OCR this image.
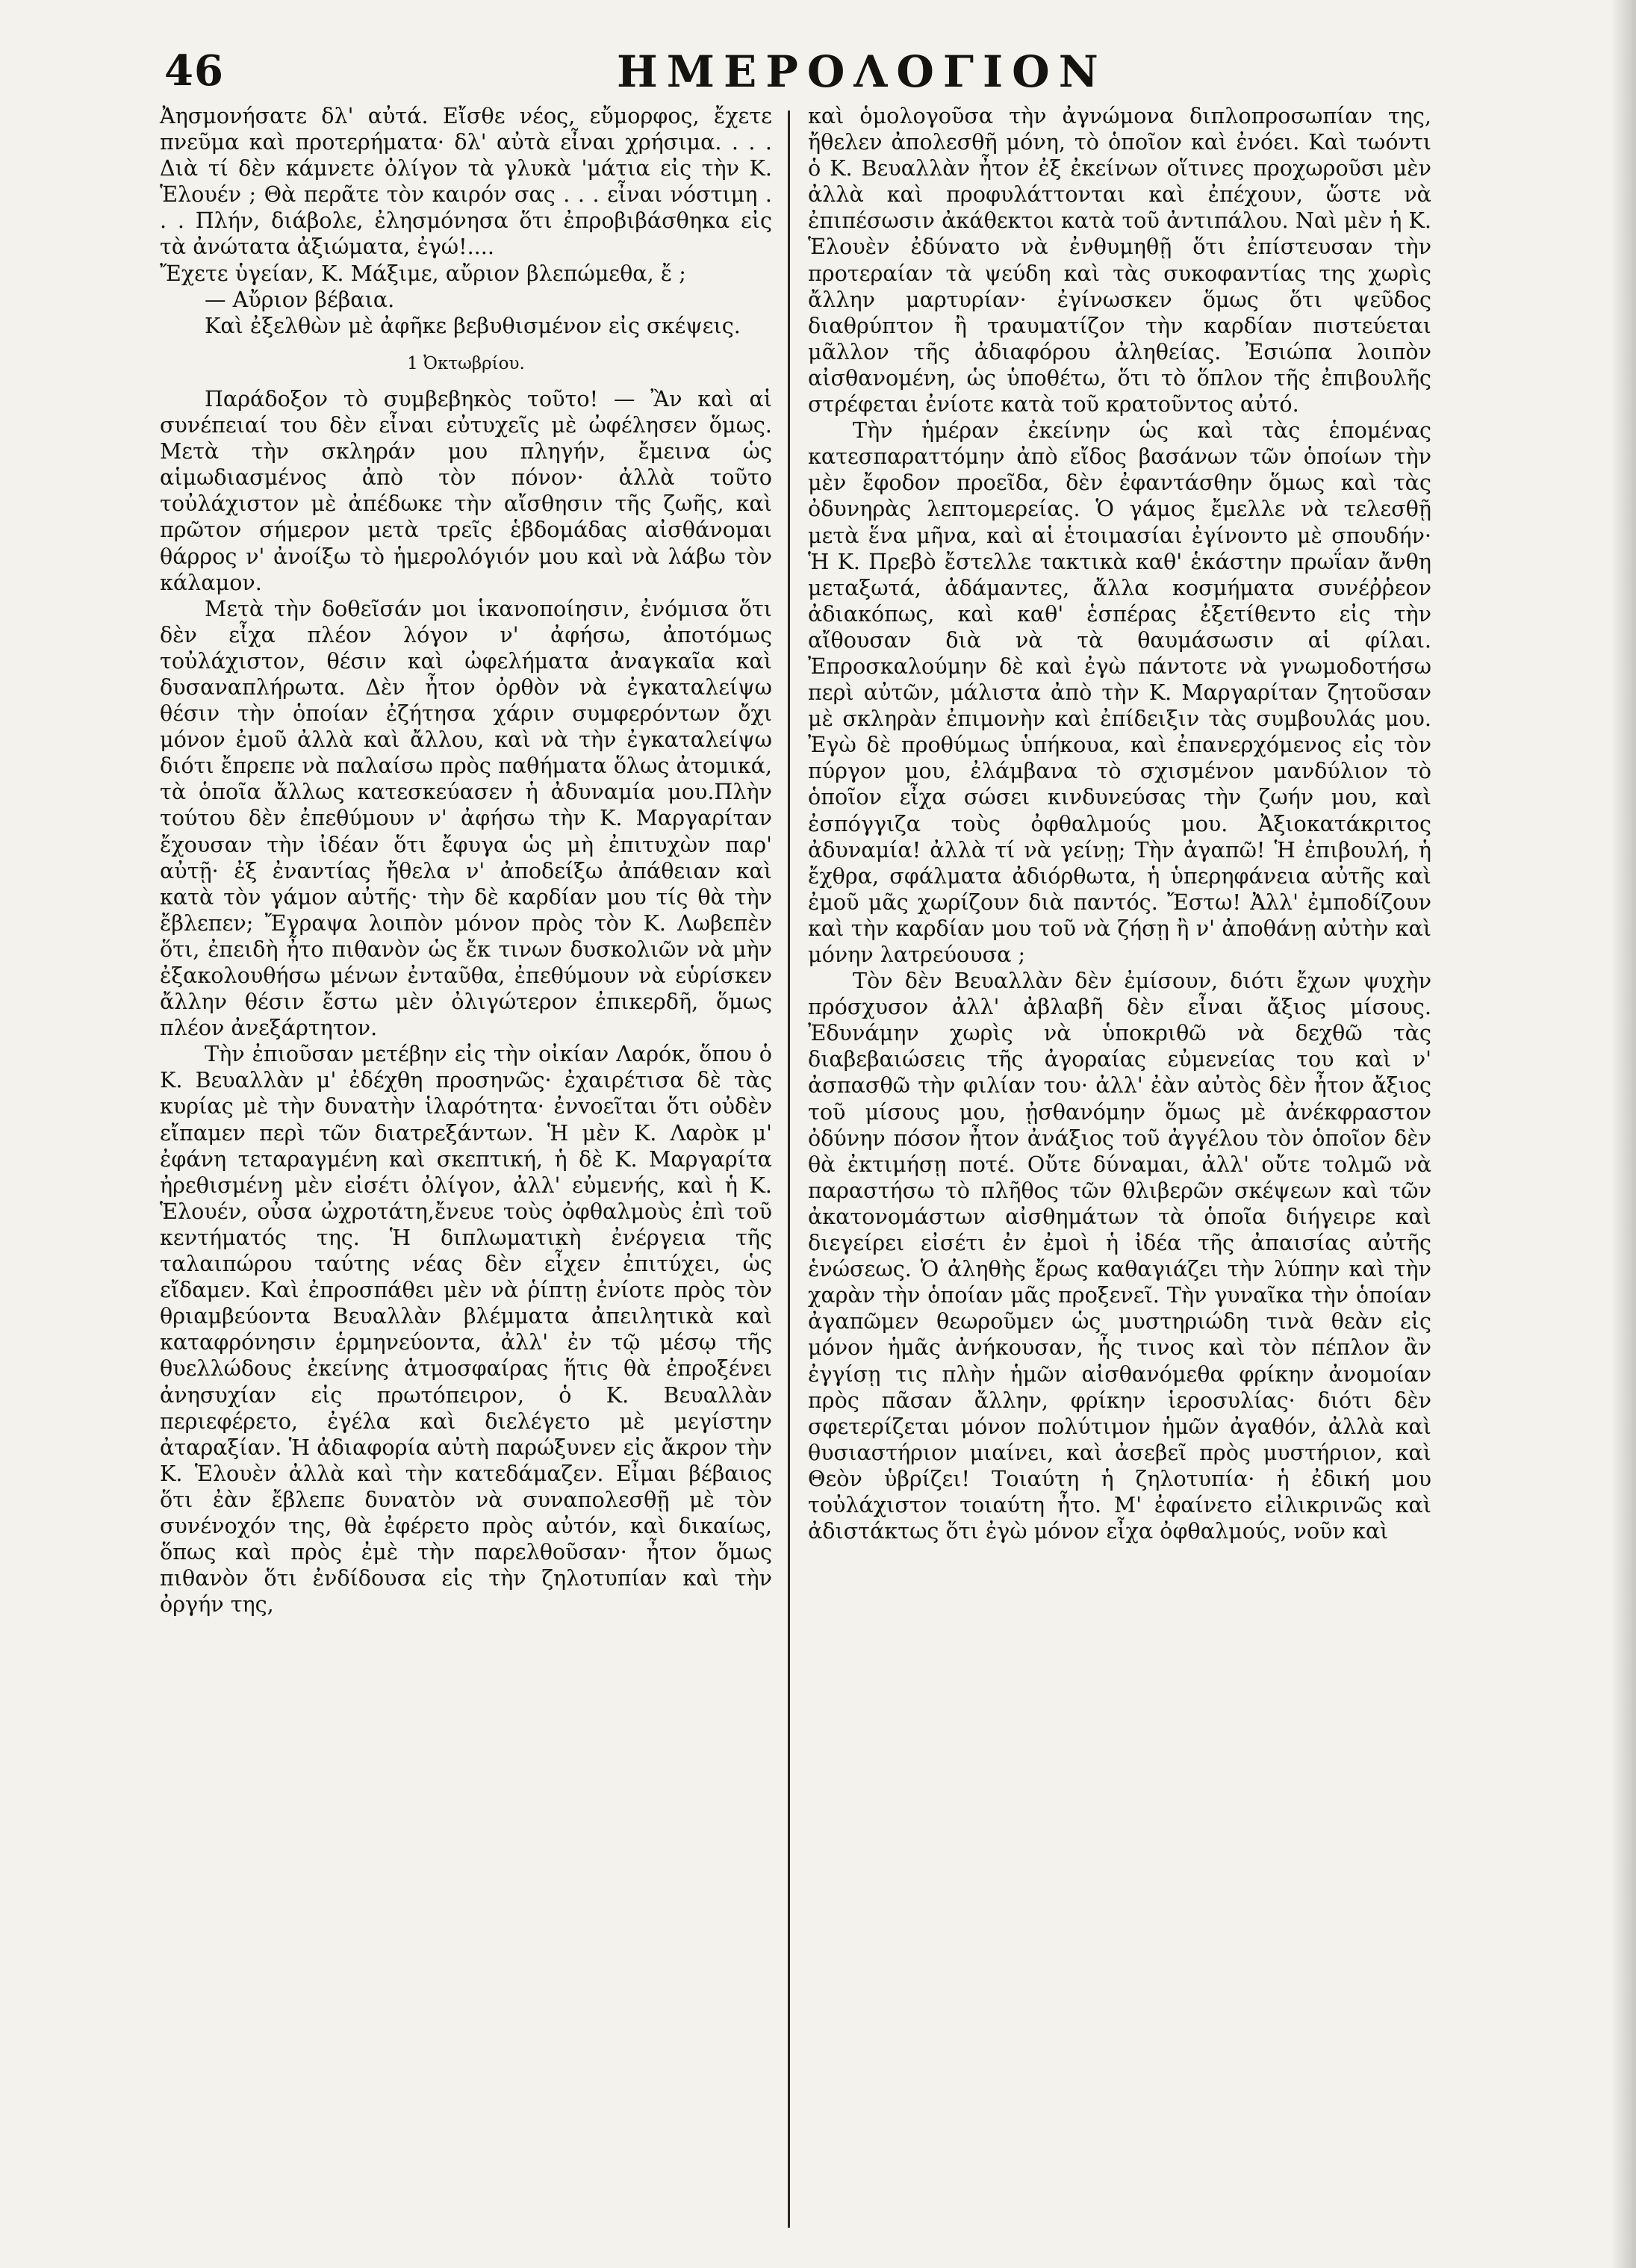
46	ΗΜΕΡΟΛΟΓΙΟΝ

Ἀησμονήσατε δλ' αὐτά. Εἴσθε νέος, εὔμορφος, ἔχετε πνεῦμα καὶ προτερήματα· δλ' αὐτὰ εἶναι χρήσιμα. . . . Διὰ τί δὲν κάμνετε ὀλίγον τὰ γλυκὰ 'μάτια εἰς τὴν Κ. Ἑλουέν ; Θὰ περᾶτε τὸν καιρόν σας . . . εἶναι νόστιμη . . . Πλήν, διάβολε, ἐλησμόνησα ὅτι ἐπροβιβάσθηκα εἰς τὰ ἀνώτατα ἀξιώματα, ἐγώ!....

Ἔχετε ὑγείαν, Κ. Μάξιμε, αὔριον βλεπώμεθα, ἔ ;

— Αὔριον βέβαια.

Καὶ ἐξελθὼν μὲ ἀφῆκε βεβυθισμένον εἰς σκέψεις.

1 Ὀκτωβρίου.

Παράδοξον τὸ συμβεβηκὸς τοῦτο! — Ἂν καὶ αἱ συνέπειαί του δὲν εἶναι εὐτυχεῖς μὲ ὠφέλησεν ὅμως. Μετὰ τὴν σκληράν μου πληγήν, ἔμεινα ὡς αἱμωδιασμένος ἀπὸ τὸν πόνον· ἀλλὰ τοῦτο τοὐλάχιστον μὲ ἀπέδωκε τὴν αἴσθησιν τῆς ζωῆς, καὶ πρῶτον σήμερον μετὰ τρεῖς ἑβδομάδας αἰσθάνομαι θάρρος ν' ἀνοίξω τὸ ἡμερολόγιόν μου καὶ νὰ λάβω τὸν κάλαμον.

Μετὰ τὴν δοθεῖσάν μοι ἱκανοποίησιν, ἐνόμισα ὅτι δὲν εἶχα πλέον λόγον ν' ἀφήσω, ἀποτόμως τοὐλάχιστον, θέσιν καὶ ὠφελήματα ἀναγκαῖα καὶ δυσαναπλήρωτα. Δὲν ἦτον ὀρθὸν νὰ ἐγκαταλείψω θέσιν τὴν ὁποίαν ἐζήτησα χάριν συμφερόντων ὄχι μόνον ἐμοῦ ἀλλὰ καὶ ἄλλου, καὶ νὰ τὴν ἐγκαταλείψω διότι ἔπρεπε νὰ παλαίσω πρὸς παθήματα ὅλως ἀτομικά, τὰ ὁποῖα ἄλλως κατεσκεύασεν ἡ ἀδυναμία μου.Πλὴν τούτου δὲν ἐπεθύμουν ν' ἀφήσω τὴν Κ. Μαργαρίταν ἔχουσαν τὴν ἰδέαν ὅτι ἔφυγα ὡς μὴ ἐπιτυχὼν παρ' αὐτῇ· ἐξ ἐναντίας ἤθελα ν' ἀποδείξω ἀπάθειαν καὶ κατὰ τὸν γάμον αὐτῆς· τὴν δὲ καρδίαν μου τίς θὰ τὴν ἔβλεπεν; Ἔγραψα λοιπὸν μόνον πρὸς τὸν Κ. Λωβεπὲν ὅτι, ἐπειδὴ ἦτο πιθανὸν ὡς ἔκ τινων δυσκολιῶν νὰ μὴν ἐξακολουθήσω μένων ἐνταῦθα, ἐπεθύμουν νὰ εὑρίσκεν ἄλλην θέσιν ἔστω μὲν ὀλιγώτερον ἐπικερδῆ, ὅμως πλέον ἀνεξάρτητον.

Τὴν ἐπιοῦσαν μετέβην εἰς τὴν οἰκίαν Λαρόκ, ὅπου ὁ Κ. Βευαλλὰν μ' ἐδέχθη προσηνῶς· ἐχαιρέτισα δὲ τὰς κυρίας μὲ τὴν δυνατὴν ἱλαρότητα· ἐνvοεῖται ὅτι οὐδὲν εἴπαμεν περὶ τῶν διατρεξάντων. Ἡ μὲν Κ. Λαρὸκ μ' ἐφάνη τεταραγμένη καὶ σκεπτική, ἡ δὲ Κ. Μαργαρίτα ἠρεθισμένη μὲν εἰσέτι ὀλίγον, ἀλλ' εὐμενής, καὶ ἡ Κ. Ἑλουέν, οὖσα ὠχροτάτη,ἔνευε τοὺς ὀφθαλμοὺς ἐπὶ τοῦ κεντήματός της. Ἡ διπλωματικὴ ἐνέργεια τῆς ταλαιπώρου ταύτης νέας δὲν εἶχεν ἐπιτύχει, ὡς εἴδαμεν. Καὶ ἐπροσπάθει μὲν νὰ ῥίπτῃ ἐνίοτε πρὸς τὸν θριαμβεύοντα Βευαλλὰν βλέμματα ἀπειλητικὰ καὶ καταφρόνησιν ἑρμηνεύοντα, ἀλλ' ἐν τῷ μέσῳ τῆς θυελλώδους ἐκείνης ἀτμοσφαίρας ἥτις θὰ ἐπροξένει ἀνησυχίαν εἰς πρωτόπειρον, ὁ Κ. Βευαλλὰν περιεφέρετο, ἐγέλα καὶ διελέγετο μὲ μεγίστην ἀταραξίαν. Ἡ ἀδιαφορία αὐτὴ παρώξυνεν εἰς ἄκρον τὴν Κ. Ἑλουὲν ἀλλὰ καὶ τὴν κατεδάμαζεν. Εἶμαι βέβαιος ὅτι ἐὰν ἔβλεπε δυνατὸν νὰ συναπολεσθῇ μὲ τὸν συνένοχόν της, θὰ ἐφέρετο πρὸς αὐτόν, καὶ δικαίως, ὅπως καὶ πρὸς ἐμὲ τὴν παρελθοῦσαν· ἦτον ὅμως πιθανὸν ὅτι ἐνδίδουσα εἰς τὴν ζηλοτυπίαν καὶ τὴν ὀργήν της,

καὶ ὁμολογοῦσα τὴν ἀγνώμονα διπλοπροσωπίαν της, ἤθελεν ἀπολεσθῆ μόνη, τὸ ὁποῖον καὶ ἐνόει. Καὶ τωόντι ὁ Κ. Βευαλλὰν ἦτον ἐξ ἐκείνων οἵτινες προχωροῦσι μὲν ἀλλὰ καὶ προφυλάττονται καὶ ἐπέχουν, ὥστε νὰ ἐπιπέσωσιν ἀκάθεκτοι κατὰ τοῦ ἀντιπάλου. Ναὶ μὲν ἡ Κ. Ἑλουὲν ἐδύνατο νὰ ἐνθυμηθῇ ὅτι ἐπίστευσαν τὴν προτεραίαν τὰ ψεύδη καὶ τὰς συκοφαντίας της χωρὶς ἄλλην μαρτυρίαν· ἐγίνωσκεν ὅμως ὅτι ψεῦδος διαθρύπτον ἢ τραυματίζον τὴν καρδίαν πιστεύεται μᾶλλον τῆς ἀδιαφόρου ἀληθείας. Ἐσιώπα λοιπὸν αἰσθανομένη, ὡς ὑποθέτω, ὅτι τὸ ὅπλον τῆς ἐπιβουλῆς στρέφεται ἐνίοτε κατὰ τοῦ κρατοῦντος αὐτό.

Τὴν ἡμέραν ἐκείνην ὡς καὶ τὰς ἑπομένας κατεσπαραττόμην ἀπὸ εἴδος βασάνων τῶν ὁποίων τὴν μὲν ἔφοδον προεῖδα, δὲν ἐφαντάσθην ὅμως καὶ τὰς ὀδυνηρὰς λεπτομερείας. Ὁ γάμος ἔμελλε νὰ τελεσθῇ μετὰ ἕνα μῆνα, καὶ αἱ ἑτοιμασίαι ἐγίνοντο μὲ σπουδήν· Ἡ Κ. Πρεβὸ ἔστελλε τακτικὰ καθ' ἑκάστην πρωΐαν ἄνθη μεταξωτά, ἀδάμαντες, ἄλλα κοσμήματα συνέῤῥεον ἀδιακόπως, καὶ καθ' ἑσπέρας ἐξετίθεντο εἰς τὴν αἴθουσαν διὰ νὰ τὰ θαυμάσωσιν αἱ φίλαι. Ἐπροσκαλούμην δὲ καὶ ἐγὼ πάντοτε νὰ γνωμοδοτήσω περὶ αὐτῶν, μάλιστα ἀπὸ τὴν Κ. Μαργαρίταν ζητοῦσαν μὲ σκληρὰν ἐπιμονὴν καὶ ἐπίδειξιν τὰς συμβουλάς μου. Ἐγὼ δὲ προθύμως ὑπήκουα, καὶ ἐπανερχόμενος εἰς τὸν πύργον μου, ἐλάμβανα τὸ σχισμένον μανδύλιον τὸ ὁποῖον εἶχα σώσει κινδυνεύσας τὴν ζωήν μου, καὶ ἐσπόγγιζα τοὺς ὀφθαλμούς μου. Ἀξιοκατάκριτος ἀδυναμία! ἀλλὰ τί νὰ γείνῃ; Τὴν ἀγαπῶ! Ἡ ἐπιβουλή, ἡ ἔχθρα, σφάλματα ἀδιόρθωτα, ἡ ὑπερηφάνεια αὐτῆς καὶ ἐμοῦ μᾶς χωρίζουν διὰ παντός. Ἔστω! Ἀλλ' ἐμποδίζουν καὶ τὴν καρδίαν μου τοῦ νὰ ζήσῃ ἢ ν' ἀποθάνῃ αὐτὴν καὶ μόνην λατρεύουσα ;

Τὸν δὲν Βευαλλὰν δὲν ἐμίσουν, διότι ἔχων ψυχὴν πρόσχυσον ἀλλ' ἀβλαβῆ δὲν εἶναι ἄξιος μίσους. Ἐδυνάμην χωρὶς νὰ ὑποκριθῶ νὰ δεχθῶ τὰς διαβεβαιώσεις τῆς ἀγοραίας εὐμενείας του καὶ ν' ἀσπασθῶ τὴν φιλίαν του· ἀλλ' ἐὰν αὐτὸς δὲν ἦτον ἄξιος τοῦ μίσους μου, ᾐσθανόμην ὅμως μὲ ἀνέκφραστον ὀδύνην πόσον ἦτον ἀνάξιος τοῦ ἀγγέλου τὸν ὁποῖον δὲν θὰ ἐκτιμήσῃ ποτέ. Οὔτε δύναμαι, ἀλλ' οὔτε τολμῶ νὰ παραστήσω τὸ πλῆθος τῶν θλιβερῶν σκέψεων καὶ τῶν ἀκατονομάστων αἰσθημάτων τὰ ὁποῖα διήγειρε καὶ διεγείρει εἰσέτι ἐν ἐμοὶ ἡ ἰδέα τῆς ἀπαισίας αὐτῆς ἑνώσεως. Ὁ ἀληθὴς ἔρως καθαγιάζει τὴν λύπην καὶ τὴν χαρὰν τὴν ὁποίαν μᾶς προξενεῖ. Τὴν γυναῖκα τὴν ὁποίαν ἀγαπῶμεν θεωροῦμεν ὡς μυστηριώδη τινὰ θεὰν εἰς μόνον ἡμᾶς ἀνήκουσαν, ἧς τινος καὶ τὸν πέπλον ἂν ἐγγίσῃ τις πλὴν ἡμῶν αἰσθανόμεθα φρίκην ἀνομοίαν πρὸς πᾶσαν ἄλλην, φρίκην ἱεροσυλίας· διότι δὲν σφετερίζεται μόνον πολύτιμον ἡμῶν ἀγαθόν, ἀλλὰ καὶ θυσιαστήριον μιαίνει, καὶ ἀσεβεῖ πρὸς μυστήριον, καὶ Θεὸν ὑβρίζει! Τοιαύτη ἡ ζηλοτυπία· ἡ ἐδική μου τοὐλάχιστον τοιαύτη ἦτο. Μ' ἐφαίνετο εἰλικρινῶς καὶ ἀδιστάκτως ὅτι ἐγὼ μόνον εἶχα ὀφθαλμούς, νοῦν καὶ
